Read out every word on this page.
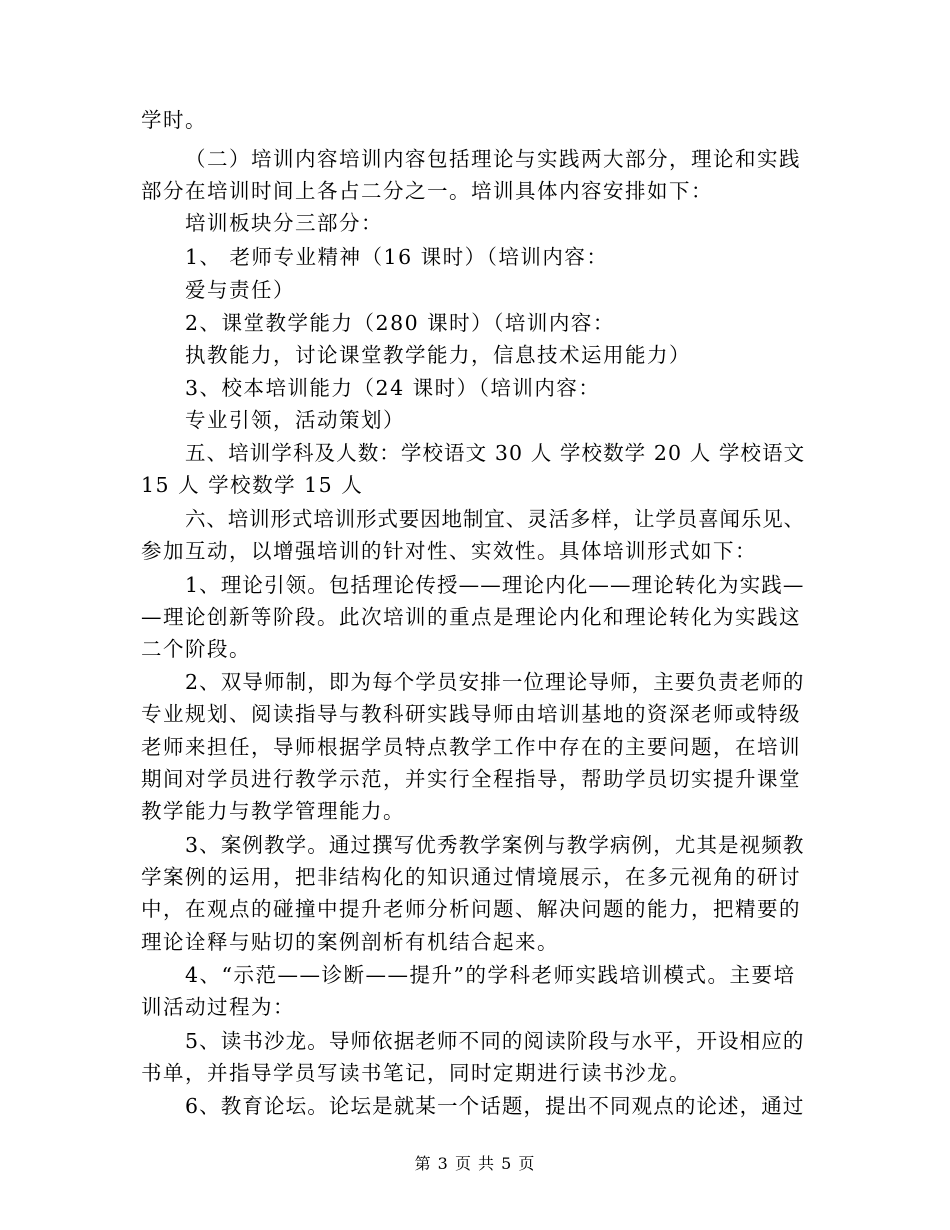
学时。
（二）培训内容培训内容包括理论与实践两大部分，理论和实践
部分在培训时间上各占二分之一。培训具体内容安排如下：
培训板块分三部分：
1、 老师专业精神（16 课时）（培训内容：
爱与责任）
2、课堂教学能力（280 课时）（培训内容：
执教能力，讨论课堂教学能力，信息技术运用能力）
3、校本培训能力（24 课时）（培训内容：
专业引领，活动策划）
五、培训学科及人数：学校语文 30 人 学校数学 20 人 学校语文
15 人 学校数学 15 人
六、培训形式培训形式要因地制宜、灵活多样，让学员喜闻乐见、
参加互动，以增强培训的针对性、实效性。具体培训形式如下：
1、理论引领。包括理论传授——理论内化——理论转化为实践—
—理论创新等阶段。此次培训的重点是理论内化和理论转化为实践这
二个阶段。
2、双导师制，即为每个学员安排一位理论导师，主要负责老师的
专业规划、阅读指导与教科研实践导师由培训基地的资深老师或特级
老师来担任，导师根据学员特点教学工作中存在的主要问题，在培训
期间对学员进行教学示范，并实行全程指导，帮助学员切实提升课堂
教学能力与教学管理能力。
3、案例教学。通过撰写优秀教学案例与教学病例，尤其是视频教
学案例的运用，把非结构化的知识通过情境展示，在多元视角的研讨
中，在观点的碰撞中提升老师分析问题、解决问题的能力，把精要的
理论诠释与贴切的案例剖析有机结合起来。
4、“示范——诊断——提升”的学科老师实践培训模式。主要培
训活动过程为：
5、读书沙龙。导师依据老师不同的阅读阶段与水平，开设相应的
书单，并指导学员写读书笔记，同时定期进行读书沙龙。
6、教育论坛。论坛是就某一个话题，提出不同观点的论述，通过
第 3 页 共 5 页
